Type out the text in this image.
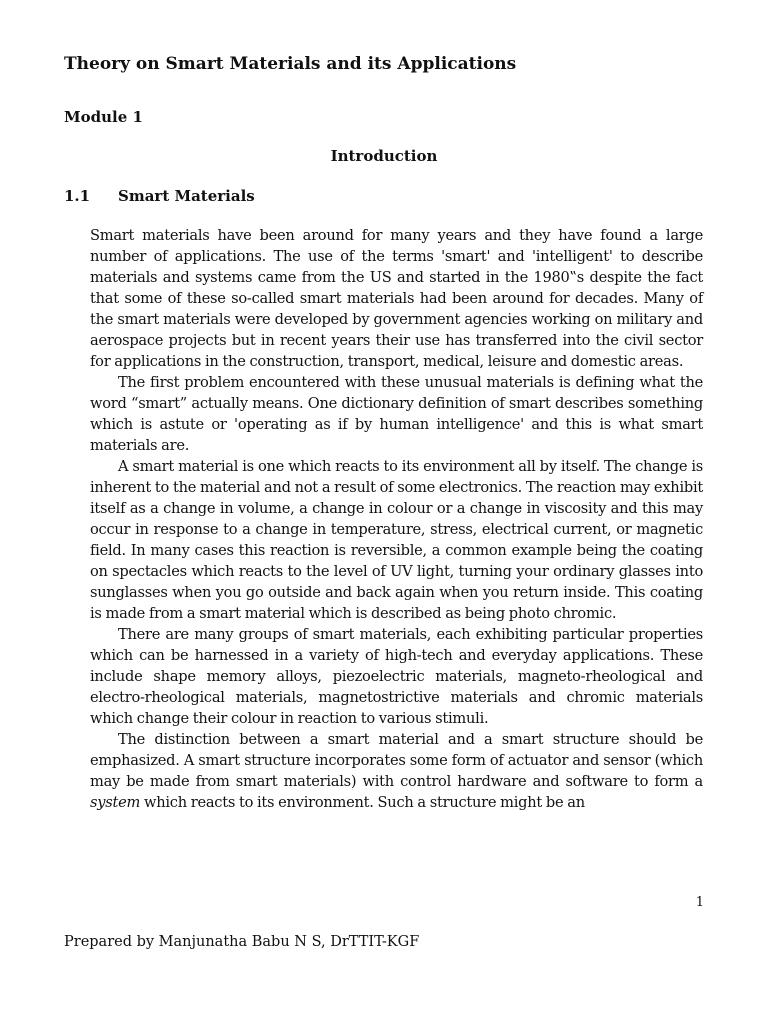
Theory on Smart Materials and its Applications
Module 1
Introduction
1.1 Smart Materials

Smart materials have been around for many years and they have found a large number of applications. The use of the terms 'smart' and 'intelligent' to describe materials and systems came from the US and started in the 1980‟s despite the fact that some of these so-called smart materials had been around for decades. Many of the smart materials were developed by government agencies working on military and aerospace projects but in recent years their use has transferred into the civil sector for applications in the construction, transport, medical, leisure and domestic areas.

The first problem encountered with these unusual materials is defining what the word “smart” actually means. One dictionary definition of smart describes something which is astute or 'operating as if by human intelligence' and this is what smart materials are.

A smart material is one which reacts to its environment all by itself. The change is inherent to the material and not a result of some electronics. The reaction may exhibit itself as a change in volume, a change in colour or a change in viscosity and this may occur in response to a change in temperature, stress, electrical current, or magnetic field. In many cases this reaction is reversible, a common example being the coating on spectacles which reacts to the level of UV light, turning your ordinary glasses into sunglasses when you go outside and back again when you return inside. This coating is made from a smart material which is described as being photo chromic.

There are many groups of smart materials, each exhibiting particular properties which can be harnessed in a variety of high-tech and everyday applications. These include shape memory alloys, piezoelectric materials, magneto-rheological and electro-rheological materials, magnetostrictive materials and chromic materials which change their colour in reaction to various stimuli.

The distinction between a smart material and a smart structure should be emphasized. A smart structure incorporates some form of actuator and sensor (which may be made from smart materials) with control hardware and software to form a system which reacts to its environment. Such a structure might be an

1
Prepared by Manjunatha Babu N S, DrTTIT-KGF
